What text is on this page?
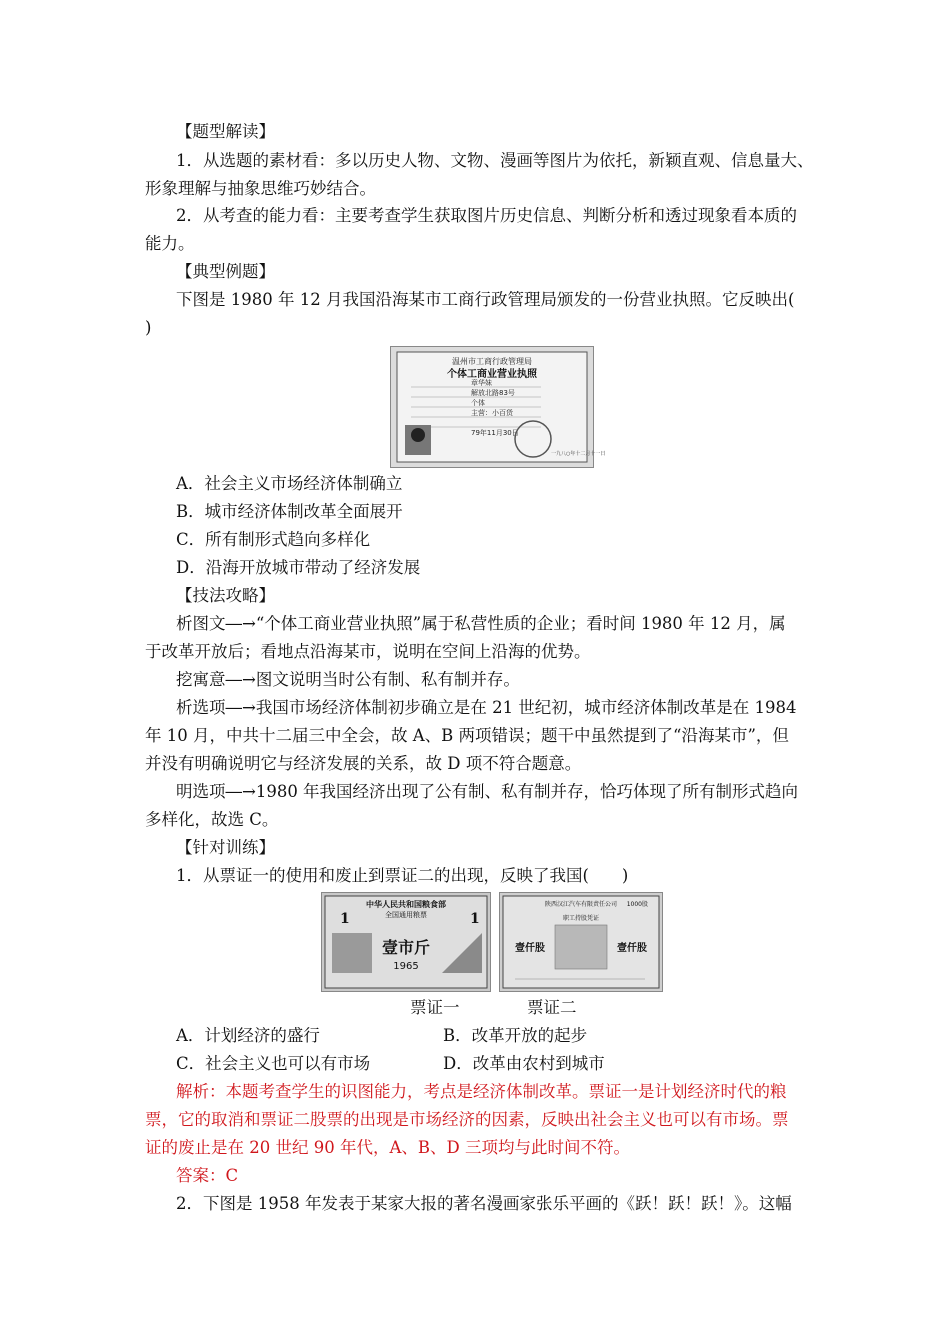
【题型解读】
1．从选题的素材看：多以历史人物、文物、漫画等图片为依托，新颖直观、信息量大、
形象理解与抽象思维巧妙结合。
2．从考查的能力看：主要考查学生获取图片历史信息、判断分析和透过现象看本质的
能力。
【典型例题】
下图是 1980 年 12 月我国沿海某市工商行政管理局颁发的一份营业执照。它反映出(
)
温州市工商行政管理局
个体工商业营业执照
章华妹
解放北路83号
个体
主营：小百货
79年11月30日
一九八○年十二月十一日
A．社会主义市场经济体制确立
B．城市经济体制改革全面展开
C．所有制形式趋向多样化
D．沿海开放城市带动了经济发展
【技法攻略】
析图文―→“个体工商业营业执照”属于私营性质的企业；看时间 1980 年 12 月，属
于改革开放后；看地点沿海某市，说明在空间上沿海的优势。
挖寓意―→图文说明当时公有制、私有制并存。
析选项―→我国市场经济体制初步确立是在 21 世纪初，城市经济体制改革是在 1984
年 10 月，中共十二届三中全会，故 A、B 两项错误；题干中虽然提到了“沿海某市”，但
并没有明确说明它与经济发展的关系，故 D 项不符合题意。
明选项―→1980 年我国经济出现了公有制、私有制并存，恰巧体现了所有制形式趋向
多样化，故选 C。
【针对训练】
1．从票证一的使用和废止到票证二的出现，反映了我国(　　)
中华人民共和国粮食部
全国通用粮票
1	1
壹市斤
1965
陕西汉江汽车有限责任公司 1000股
职工持股凭证
壹仟股	壹仟股
票证一	票证二
A．计划经济的盛行	B．改革开放的起步
C．社会主义也可以有市场	D．改革由农村到城市
解析：本题考查学生的识图能力，考点是经济体制改革。票证一是计划经济时代的粮
票，它的取消和票证二股票的出现是市场经济的因素，反映出社会主义也可以有市场。票
证的废止是在 20 世纪 90 年代，A、B、D 三项均与此时间不符。
答案：C
2．下图是 1958 年发表于某家大报的著名漫画家张乐平画的《跃！跃！跃！》。这幅
